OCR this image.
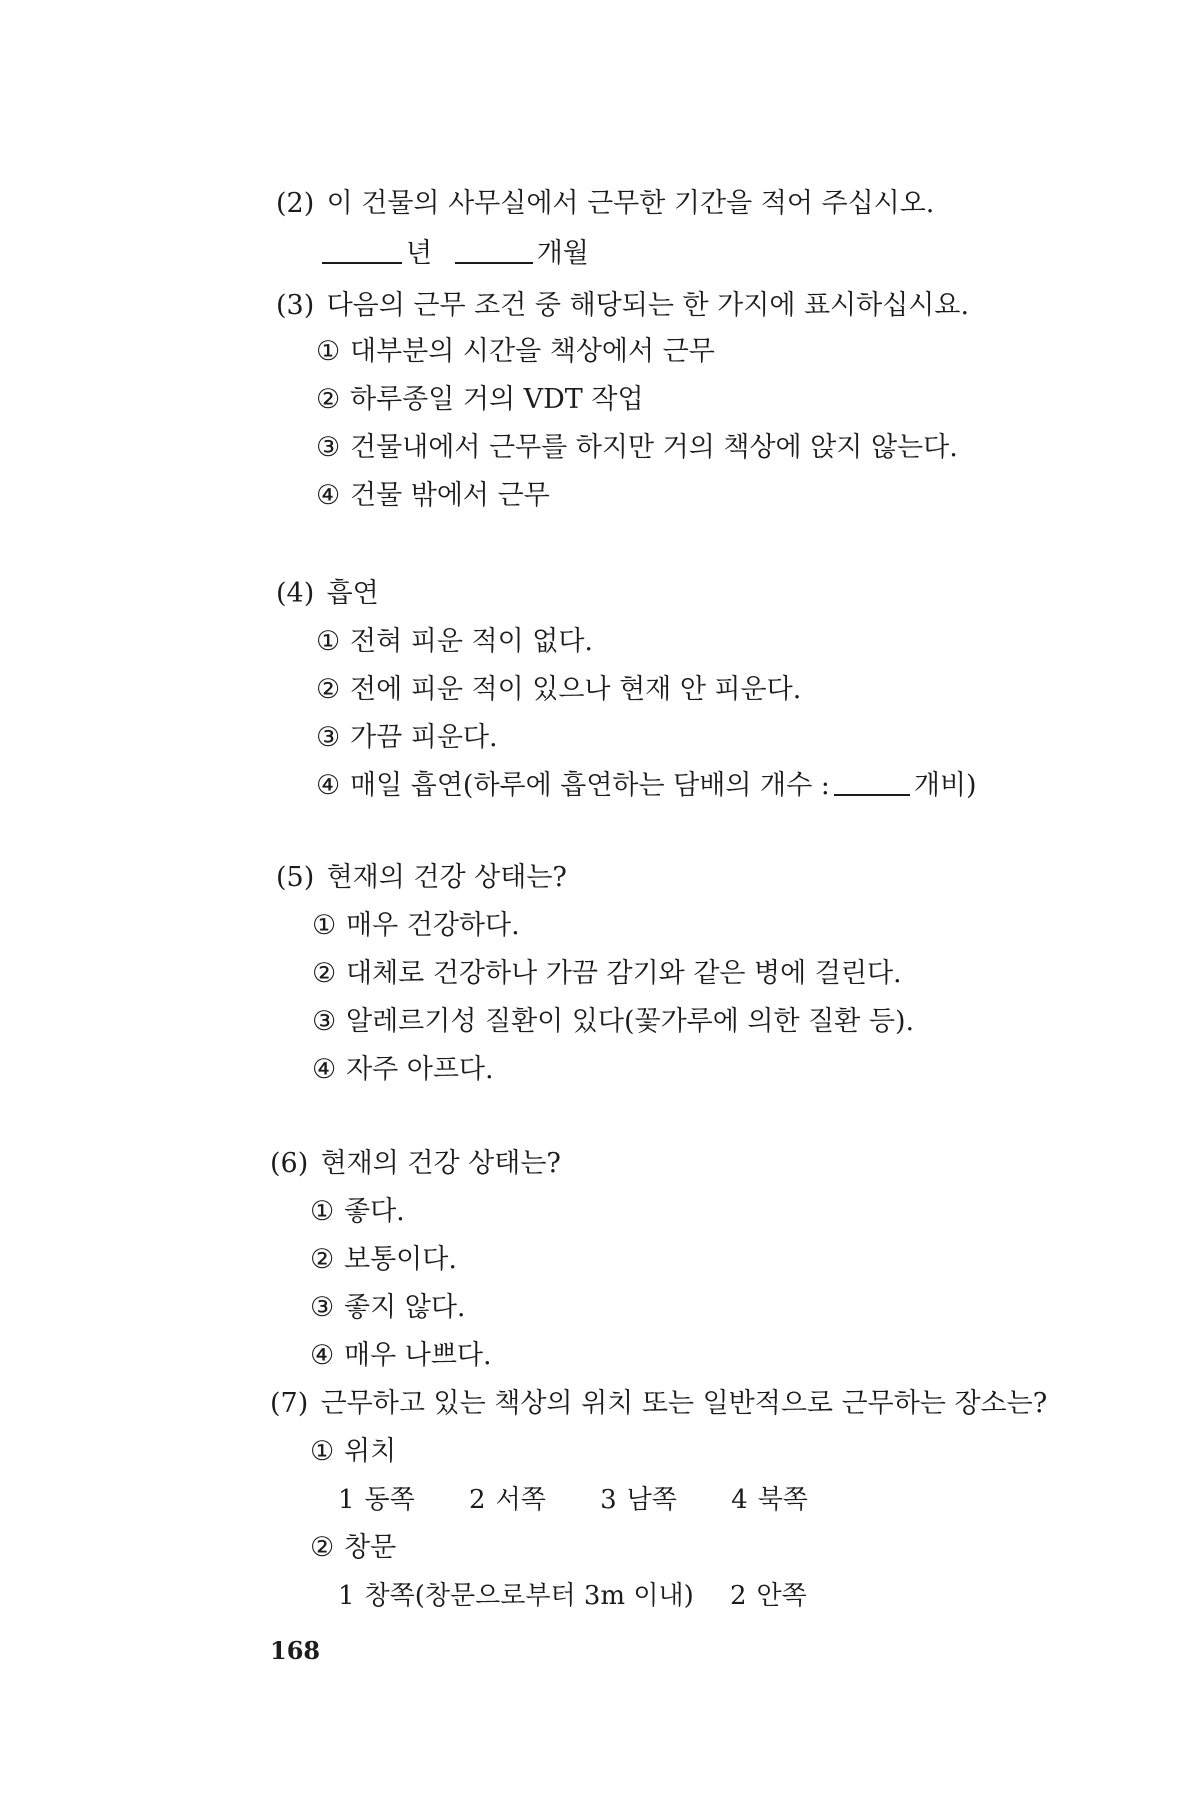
(2) 이 건물의 사무실에서 근무한 기간을 적어 주십시오.
년	개월
(3) 다음의 근무 조건 중 해당되는 한 가지에 표시하십시요.
① 대부분의 시간을 책상에서 근무
② 하루종일 거의 VDT 작업
③ 건물내에서 근무를 하지만 거의 책상에 앉지 않는다.
④ 건물 밖에서 근무
(4) 흡연
① 전혀 피운 적이 없다.
② 전에 피운 적이 있으나 현재 안 피운다.
③ 가끔 피운다.
④ 매일 흡연(하루에 흡연하는 담배의 개수 :	개비)
(5) 현재의 건강 상태는?
① 매우 건강하다.
② 대체로 건강하나 가끔 감기와 같은 병에 걸린다.
③ 알레르기성 질환이 있다(꽃가루에 의한 질환 등).
④ 자주 아프다.
(6) 현재의 건강 상태는?
① 좋다.
② 보통이다.
③ 좋지 않다.
④ 매우 나쁘다.
(7) 근무하고 있는 책상의 위치 또는 일반적으로 근무하는 장소는?
① 위치
1 동쪽 2 서쪽 3 남쪽 4 북쪽
② 창문
1 창쪽(창문으로부터 3m 이내) 2 안쪽
168
